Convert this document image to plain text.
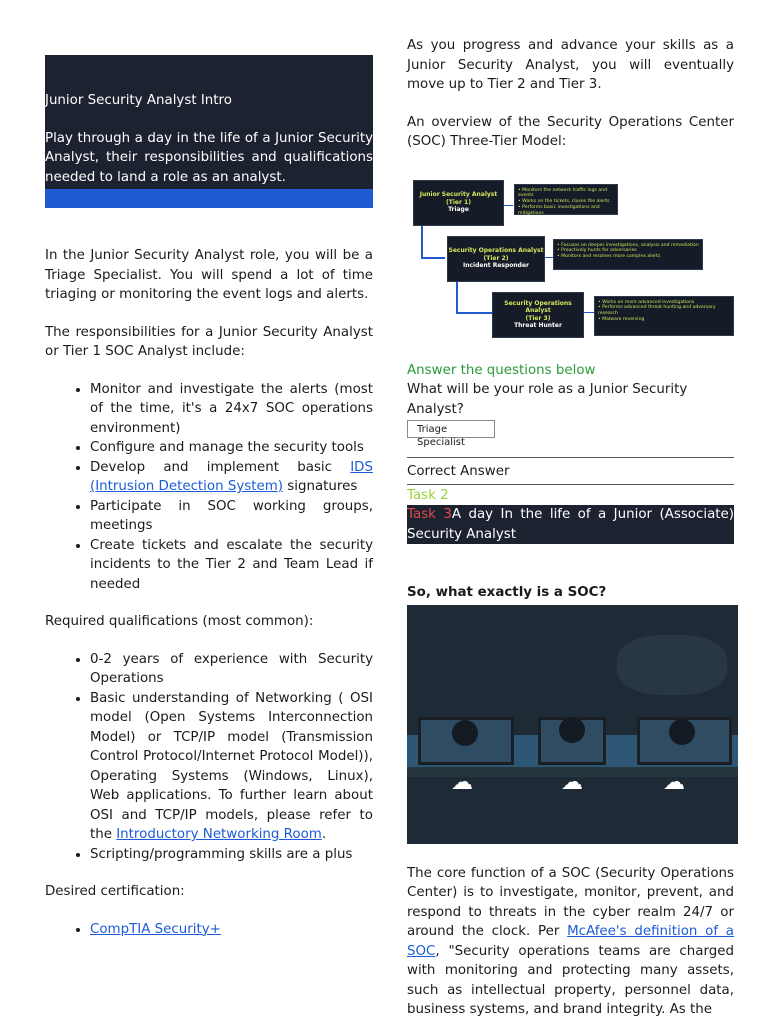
Junior Security Analyst Intro

Play through a day in the life of a Junior Security Analyst, their responsibilities and qualifications needed to land a role as an analyst.

In the Junior Security Analyst role, you will be a Triage Specialist. You will spend a lot of time triaging or monitoring the event logs and alerts.

The responsibilities for a Junior Security Analyst or Tier 1 SOC Analyst include:

• Monitor and investigate the alerts (most of the time, it's a 24x7 SOC operations environment)
• Configure and manage the security tools
• Develop and implement basic IDS (Intrusion Detection System) signatures
• Participate in SOC working groups, meetings
• Create tickets and escalate the security incidents to the Tier 2 and Team Lead if needed

Required qualifications (most common):

• 0-2 years of experience with Security Operations
• Basic understanding of Networking ( OSI model (Open Systems Interconnection Model) or TCP/IP model (Transmission Control Protocol/Internet Protocol Model)), Operating Systems (Windows, Linux), Web applications. To further learn about OSI and TCP/IP models, please refer to the Introductory Networking Room.
• Scripting/programming skills are a plus

Desired certification:

• CompTIA Security+

As you progress and advance your skills as a Junior Security Analyst, you will eventually move up to Tier 2 and Tier 3.

An overview of the Security Operations Center (SOC) Three-Tier Model:

Junior Security Analyst
(Tier 1)
Triage
• Monitors the network traffic logs and events
• Works on the tickets, closes the alerts
• Performs basic investigations and mitigations
Security Operations Analyst
(Tier 2)
Incident Responder
• Focuses on deeper investigations, analysis and remediation
• Proactively hunts for adversaries
• Monitors and resolves more complex alerts
Security Operations Analyst
(Tier 3)
Threat Hunter
• Works on more advanced investigations
• Performs advanced threat hunting and adversary research
• Malware reversing
Answer the questions below

What will be your role as a Junior Security Analyst?

Triage Specialist

Correct Answer

Task 2
Task 3A day In the life of a Junior (Associate) Security Analyst
So, what exactly is a SOC?
☁	☁	☁

The core function of a SOC (Security Operations Center) is to investigate, monitor, prevent, and respond to threats in the cyber realm 24/7 or around the clock. Per McAfee's definition of a SOC, "Security operations teams are charged with monitoring and protecting many assets, such as intellectual property, personnel data, business systems, and brand integrity. As the
